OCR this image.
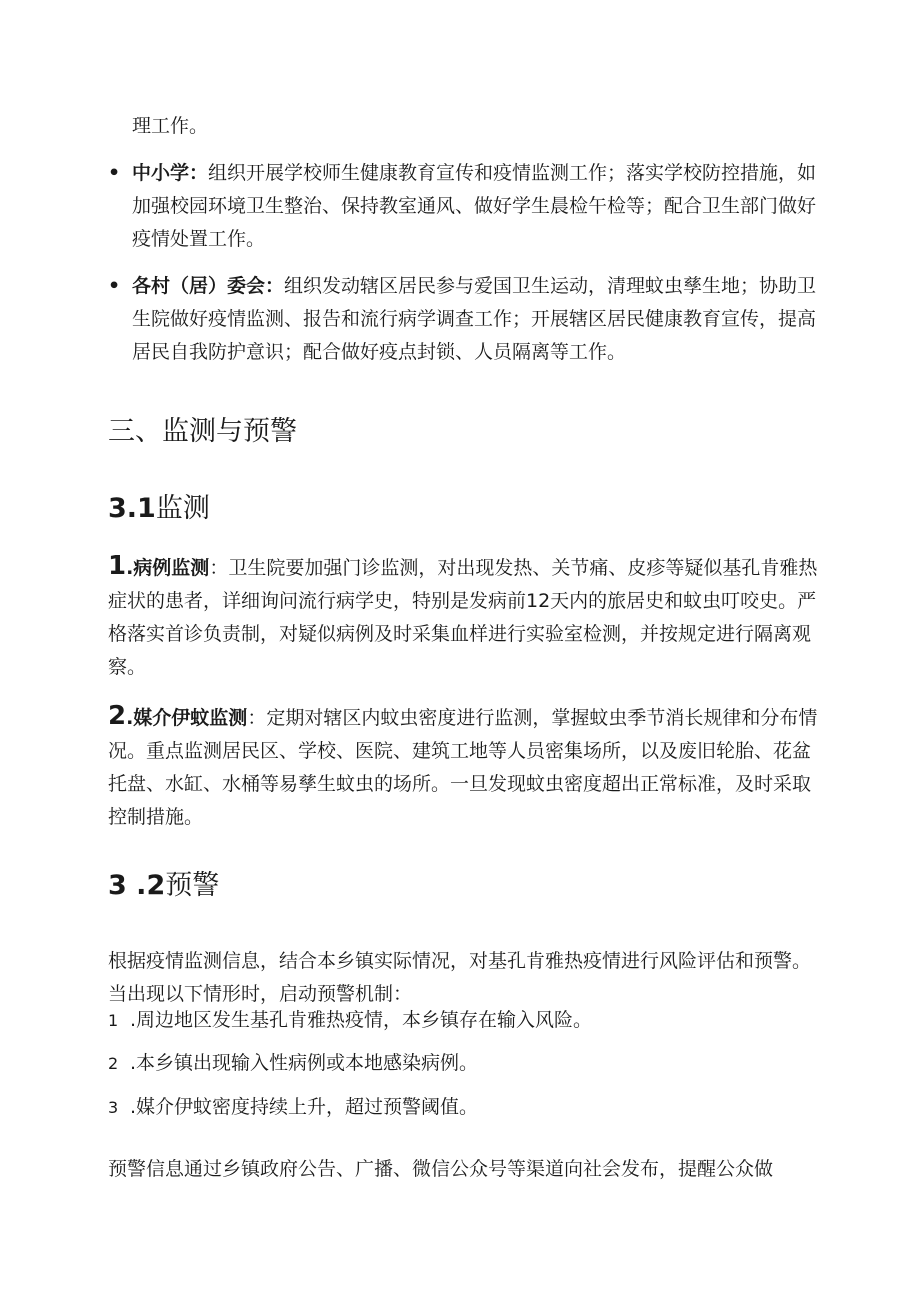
理工作。

• 中小学：组织开展学校师生健康教育宣传和疫情监测工作；落实学校防控措施，如加强校园环境卫生整治、保持教室通风、做好学生晨检午检等；配合卫生部门做好疫情处置工作。
• 各村（居）委会：组织发动辖区居民参与爱国卫生运动，清理蚊虫孳生地；协助卫生院做好疫情监测、报告和流行病学调查工作；开展辖区居民健康教育宣传，提高居民自我防护意识；配合做好疫点封锁、人员隔离等工作。
三、监测与预警
3.1监测
1.病例监测：卫生院要加强门诊监测，对出现发热、关节痛、皮疹等疑似基孔肯雅热症状的患者，详细询问流行病学史，特别是发病前12天内的旅居史和蚊虫叮咬史。严格落实首诊负责制，对疑似病例及时采集血样进行实验室检测，并按规定进行隔离观察。
2.媒介伊蚊监测：定期对辖区内蚊虫密度进行监测，掌握蚊虫季节消长规律和分布情况。重点监测居民区、学校、医院、建筑工地等人员密集场所，以及废旧轮胎、花盆托盘、水缸、水桶等易孳生蚊虫的场所。一旦发现蚊虫密度超出正常标准，及时采取控制措施。
3 .2预警

根据疫情监测信息，结合本乡镇实际情况，对基孔肯雅热疫情进行风险评估和预警。当出现以下情形时，启动预警机制：

1 .周边地区发生基孔肯雅热疫情，本乡镇存在输入风险。
2 .本乡镇出现输入性病例或本地感染病例。
3 .媒介伊蚊密度持续上升，超过预警阈值。

预警信息通过乡镇政府公告、广播、微信公众号等渠道向社会发布，提醒公众做
